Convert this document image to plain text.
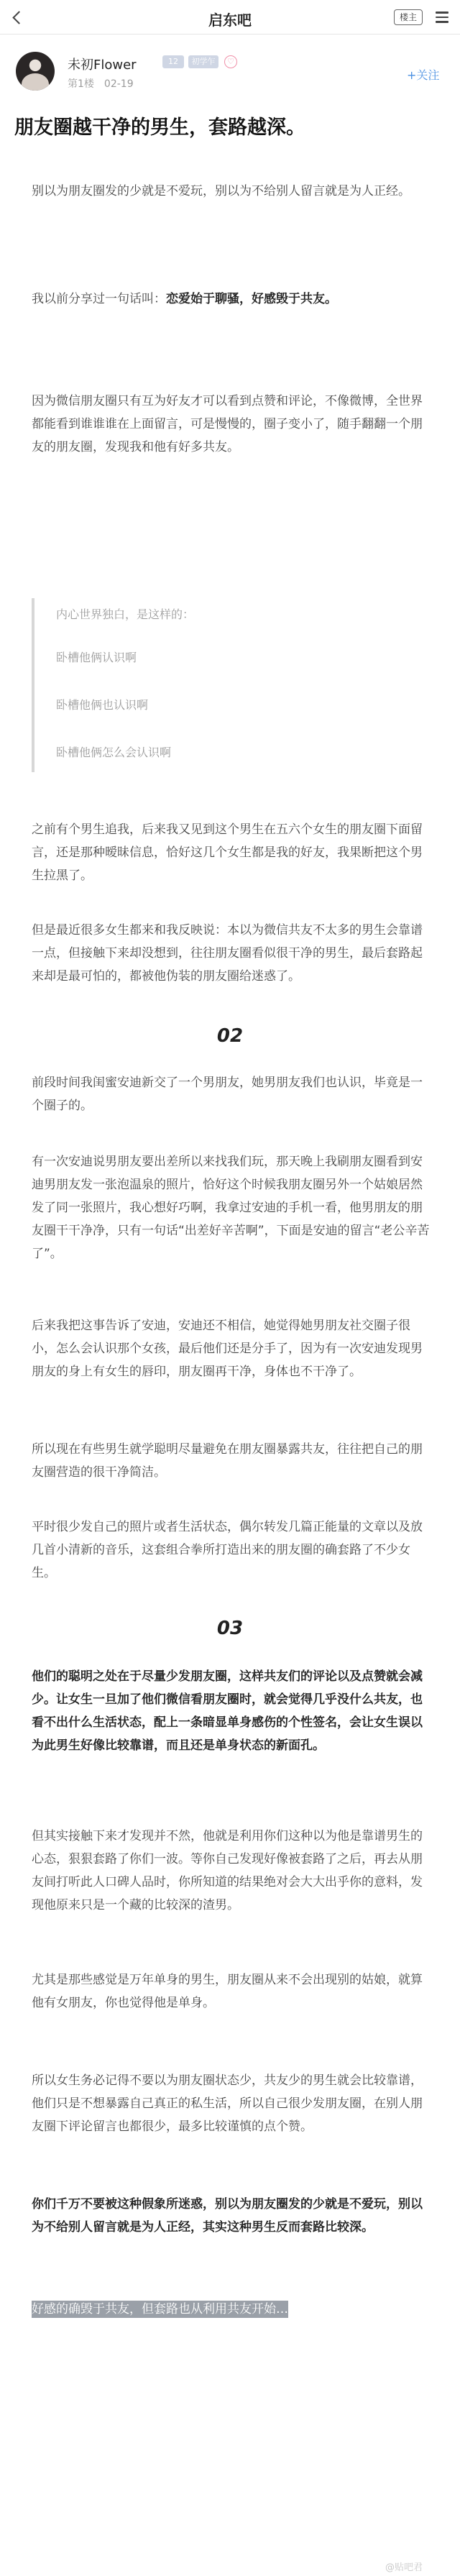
启东吧	楼主
未初Flower	12	初学乍	♡
第1楼 02-19
+关注
朋友圈越干净的男生，套路越深。
别以为朋友圈发的少就是不爱玩，别以为不给别人留言就是为人正经。
我以前分享过一句话叫：恋爱始于聊骚，好感毁于共友。
因为微信朋友圈只有互为好友才可以看到点赞和评论，不像微博，全世界都能看到谁谁谁在上面留言，可是慢慢的，圈子变小了，随手翻翻一个朋友的朋友圈，发现我和他有好多共友。
内心世界独白，是这样的：
卧槽他俩认识啊
卧槽他俩也认识啊
卧槽他俩怎么会认识啊
之前有个男生追我，后来我又见到这个男生在五六个女生的朋友圈下面留言，还是那种暧昧信息，恰好这几个女生都是我的好友，我果断把这个男生拉黑了。
但是最近很多女生都来和我反映说：本以为微信共友不太多的男生会靠谱一点，但接触下来却没想到，往往朋友圈看似很干净的男生，最后套路起来却是最可怕的，都被他伪装的朋友圈给迷惑了。
02
前段时间我闺蜜安迪新交了一个男朋友，她男朋友我们也认识，毕竟是一个圈子的。
有一次安迪说男朋友要出差所以来找我们玩，那天晚上我刷朋友圈看到安迪男朋友发一张泡温泉的照片，恰好这个时候我朋友圈另外一个姑娘居然发了同一张照片，我心想好巧啊，我拿过安迪的手机一看，他男朋友的朋友圈干干净净，只有一句话“出差好辛苦啊”，下面是安迪的留言“老公辛苦了”。
后来我把这事告诉了安迪，安迪还不相信，她觉得她男朋友社交圈子很小，怎么会认识那个女孩，最后他们还是分手了，因为有一次安迪发现男朋友的身上有女生的唇印，朋友圈再干净，身体也不干净了。
所以现在有些男生就学聪明尽量避免在朋友圈暴露共友，往往把自己的朋友圈营造的很干净简洁。
平时很少发自己的照片或者生活状态，偶尔转发几篇正能量的文章以及放几首小清新的音乐，这套组合拳所打造出来的朋友圈的确套路了不少女生。
03
他们的聪明之处在于尽量少发朋友圈，这样共友们的评论以及点赞就会减少。让女生一旦加了他们微信看朋友圈时，就会觉得几乎没什么共友，也看不出什么生活状态，配上一条暗显单身感伤的个性签名，会让女生误以为此男生好像比较靠谱，而且还是单身状态的新面孔。
但其实接触下来才发现并不然，他就是利用你们这种以为他是靠谱男生的心态，狠狠套路了你们一波。等你自己发现好像被套路了之后，再去从朋友间打听此人口碑人品时，你所知道的结果绝对会大大出乎你的意料，发现他原来只是一个藏的比较深的渣男。
尤其是那些感觉是万年单身的男生，朋友圈从来不会出现别的姑娘，就算他有女朋友，你也觉得他是单身。
所以女生务必记得不要以为朋友圈状态少，共友少的男生就会比较靠谱，他们只是不想暴露自己真正的私生活，所以自己很少发朋友圈，在别人朋友圈下评论留言也都很少，最多比较谨慎的点个赞。
你们千万不要被这种假象所迷惑，别以为朋友圈发的少就是不爱玩，别以为不给别人留言就是为人正经，其实这种男生反而套路比较深。
好感的确毁于共友，但套路也从利用共友开始…
@贴吧君
